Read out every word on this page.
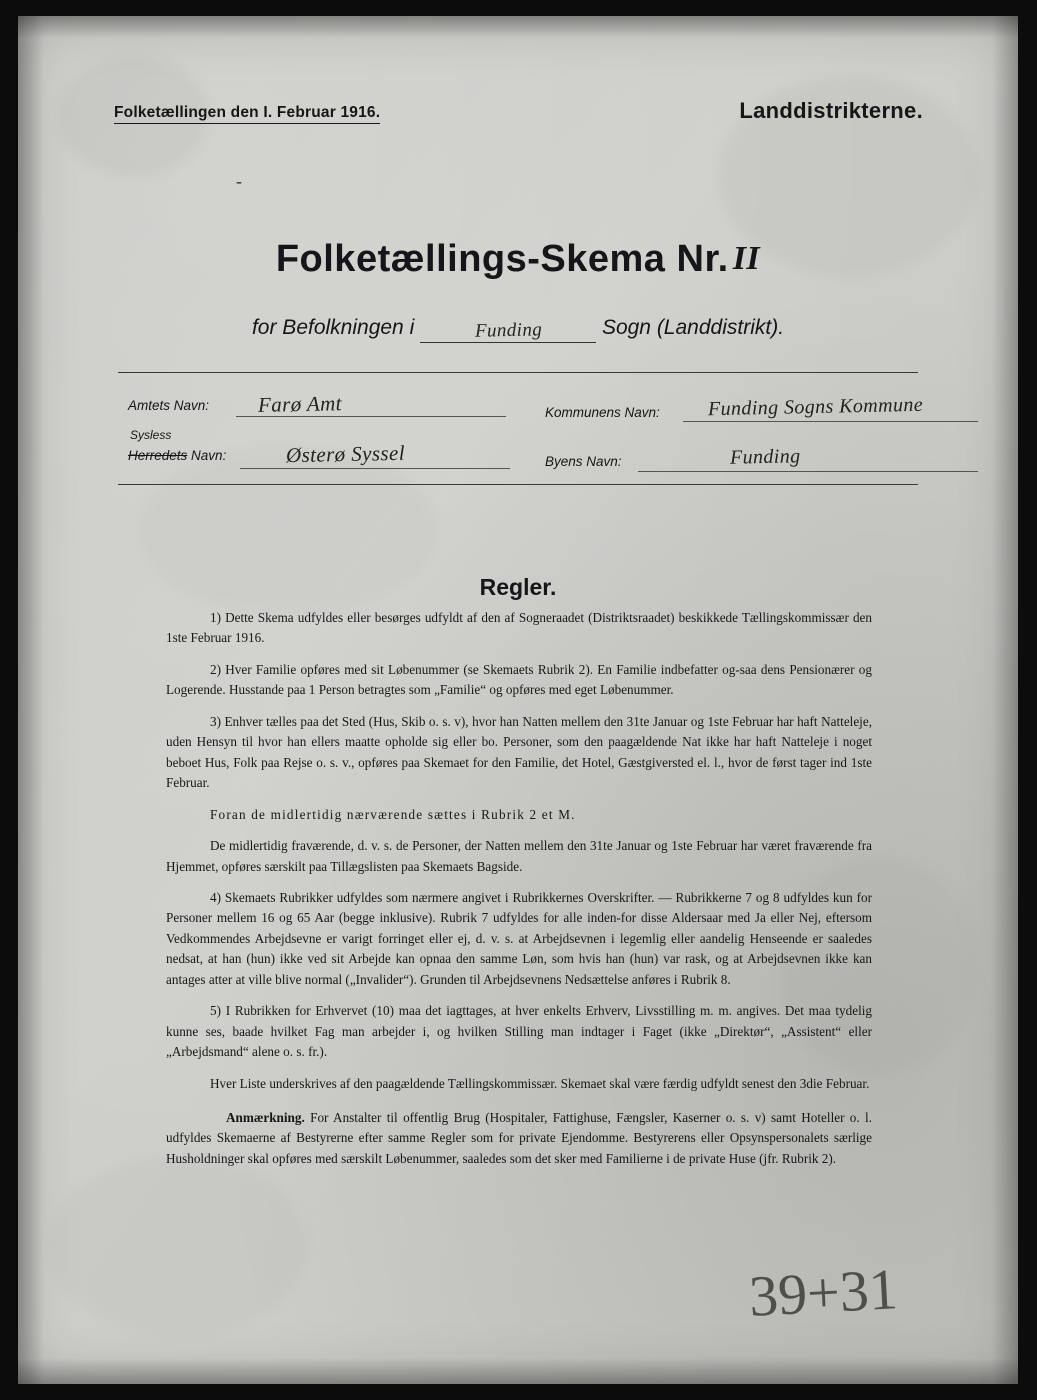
Folketællingen den I. Februar 1916.	Landdistrikterne.
-
Folketællings-Skema Nr. II
for Befolkningen i	Funding	Sogn (Landdistrikt).
Amtets Navn: Farø Amt	Kommunens Navn: Funding Sogns Kommune
Sysless
Herredets Navn:	Østerø Syssel	Byens Navn:	Funding
Regler.

1) Dette Skema udfyldes eller besørges udfyldt af den af Sogneraadet (Distriktsraadet) beskikkede Tællingskommissær den 1ste Februar 1916.

2) Hver Familie opføres med sit Løbenummer (se Skemaets Rubrik 2). En Familie indbefatter og-saa dens Pensionærer og Logerende. Husstande paa 1 Person betragtes som „Familie“ og opføres med eget Løbenummer.

3) Enhver tælles paa det Sted (Hus, Skib o. s. v), hvor han Natten mellem den 31te Januar og 1ste Februar har haft Natteleje, uden Hensyn til hvor han ellers maatte opholde sig eller bo. Personer, som den paagældende Nat ikke har haft Natteleje i noget beboet Hus, Folk paa Rejse o. s. v., opføres paa Skemaet for den Familie, det Hotel, Gæstgiversted el. l., hvor de først tager ind 1ste Februar.

Foran de midlertidig nærværende sættes i Rubrik 2 et M.

De midlertidig fraværende, d. v. s. de Personer, der Natten mellem den 31te Januar og 1ste Februar har været fraværende fra Hjemmet, opføres særskilt paa Tillægslisten paa Skemaets Bagside.

4) Skemaets Rubrikker udfyldes som nærmere angivet i Rubrikkernes Overskrifter. — Rubrikkerne 7 og 8 udfyldes kun for Personer mellem 16 og 65 Aar (begge inklusive). Rubrik 7 udfyldes for alle inden-for disse Aldersaar med Ja eller Nej, eftersom Vedkommendes Arbejdsevne er varigt forringet eller ej, d. v. s. at Arbejdsevnen i legemlig eller aandelig Henseende er saaledes nedsat, at han (hun) ikke ved sit Arbejde kan opnaa den samme Løn, som hvis han (hun) var rask, og at Arbejdsevnen ikke kan antages atter at ville blive normal („Invalider“). Grunden til Arbejdsevnens Nedsættelse anføres i Rubrik 8.

5) I Rubrikken for Erhvervet (10) maa det iagttages, at hver enkelts Erhverv, Livsstilling m. m. angives. Det maa tydelig kunne ses, baade hvilket Fag man arbejder i, og hvilken Stilling man indtager i Faget (ikke „Direktør“, „Assistent“ eller „Arbejdsmand“ alene o. s. fr.).

Hver Liste underskrives af den paagældende Tællingskommissær. Skemaet skal være færdig udfyldt senest den 3die Februar.

Anmærkning. For Anstalter til offentlig Brug (Hospitaler, Fattighuse, Fængsler, Kaserner o. s. v) samt Hoteller o. l. udfyldes Skemaerne af Bestyrerne efter samme Regler som for private Ejendomme. Bestyrerens eller Opsynspersonalets særlige Husholdninger skal opføres med særskilt Løbenummer, saaledes som det sker med Familierne i de private Huse (jfr. Rubrik 2).
39+31
